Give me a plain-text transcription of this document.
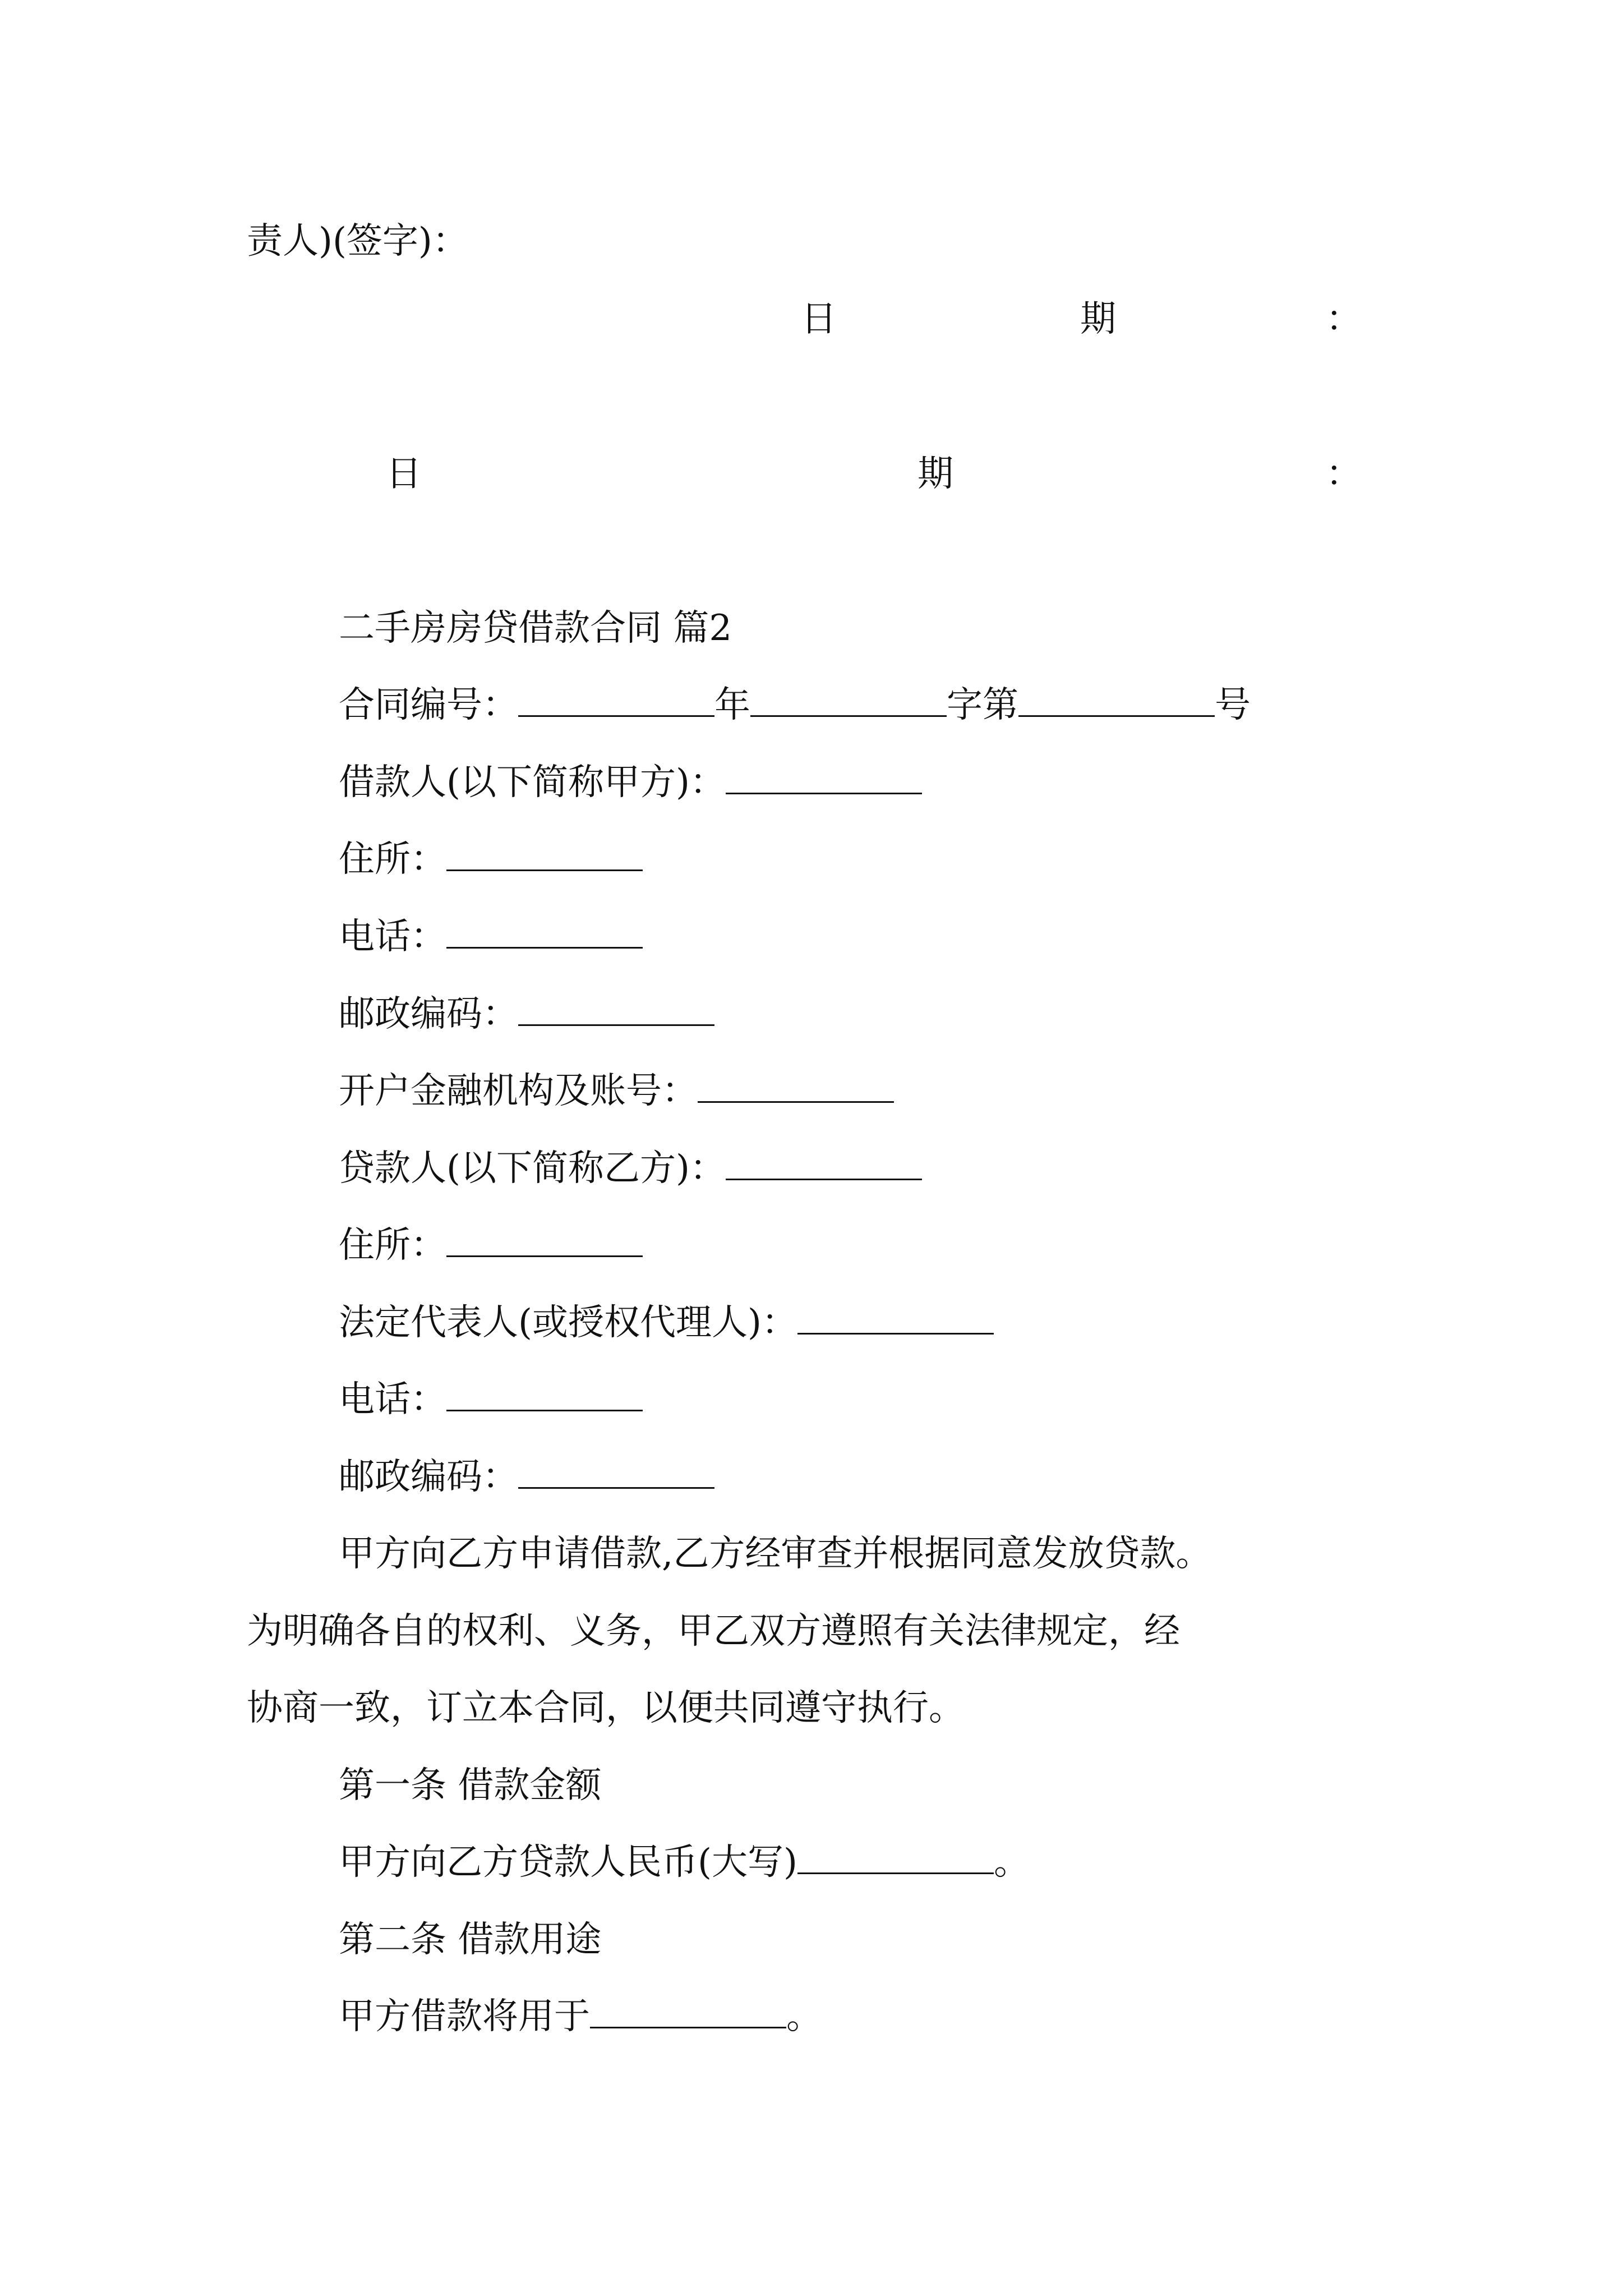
责人)(签字)：

日	期	：
日	期	：

二手房房贷借款合同 篇2

合同编号：	年	字第	号

借款人(以下简称甲方)：

住所：

电话：

邮政编码：

开户金融机构及账号：

贷款人(以下简称乙方)：

住所：

法定代表人(或授权代理人)：

电话：

邮政编码：

甲方向乙方申请借款,乙方经审查并根据同意发放贷款。

为明确各自的权利、义务，甲乙双方遵照有关法律规定，经

协商一致，订立本合同，以便共同遵守执行。

第一条 借款金额

甲方向乙方贷款人民币(大写)	。

第二条 借款用途

甲方借款将用于	。
